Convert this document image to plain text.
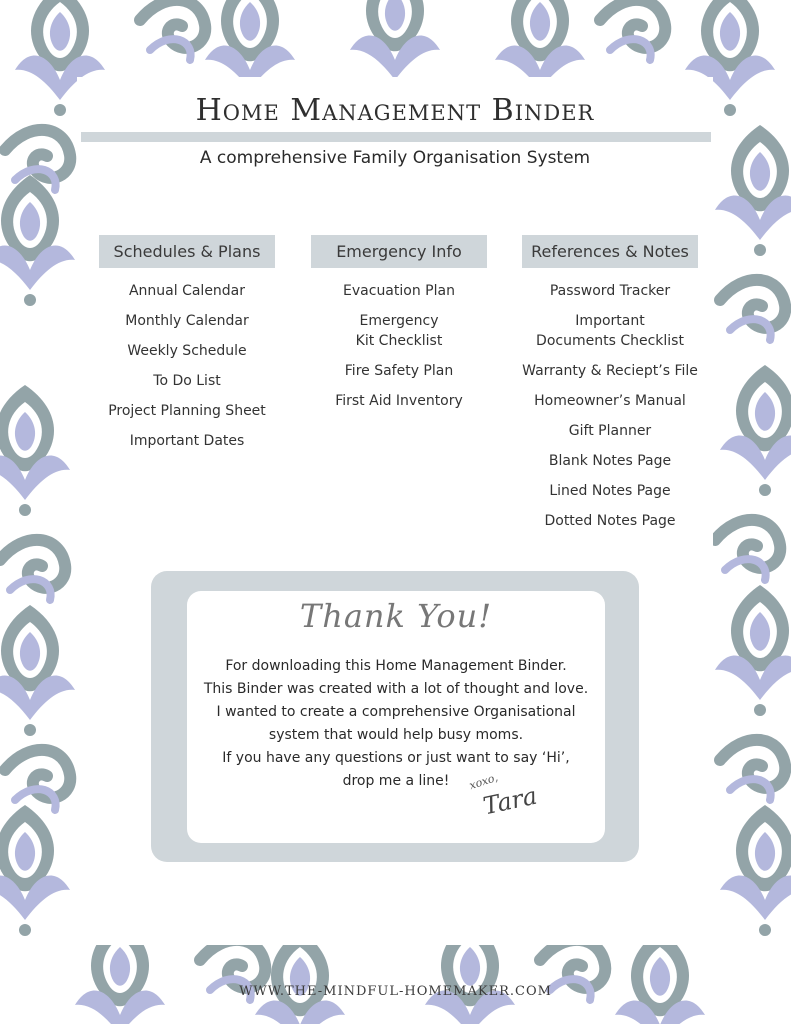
Home Management Binder
A comprehensive Family Organisation System
Schedules & Plans
Annual Calendar
Monthly Calendar
Weekly Schedule
To Do List
Project Planning Sheet
Important Dates
Emergency Info
Evacuation Plan
Emergency Kit Checklist
Fire Safety Plan
First Aid Inventory
References & Notes
Password Tracker
Important Documents Checklist
Warranty & Reciept’s File
Homeowner’s Manual
Gift Planner
Blank Notes Page
Lined Notes Page
Dotted Notes Page
Thank You!
For downloading this Home Management Binder.
This Binder was created with a lot of thought and love.
I wanted to create a comprehensive Organisational
system that would help busy moms.
If you have any questions or just want to say ‘Hi’,
drop me a line!	xoxo,
Tara
WWW.THE-MINDFUL-HOMEMAKER.COM
